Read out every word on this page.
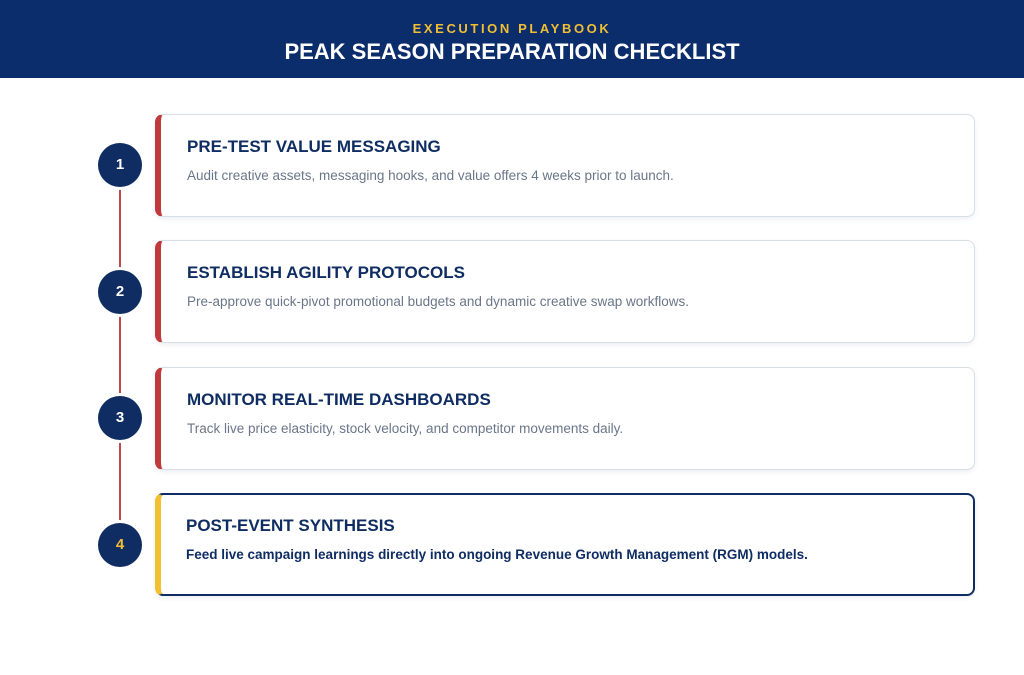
EXECUTION PLAYBOOK
PEAK SEASON PREPARATION CHECKLIST
1
PRE-TEST VALUE MESSAGING
Audit creative assets, messaging hooks, and value offers 4 weeks prior to launch.
2
ESTABLISH AGILITY PROTOCOLS
Pre-approve quick-pivot promotional budgets and dynamic creative swap workflows.
3
MONITOR REAL-TIME DASHBOARDS
Track live price elasticity, stock velocity, and competitor movements daily.
4
POST-EVENT SYNTHESIS
Feed live campaign learnings directly into ongoing Revenue Growth Management (RGM) models.
